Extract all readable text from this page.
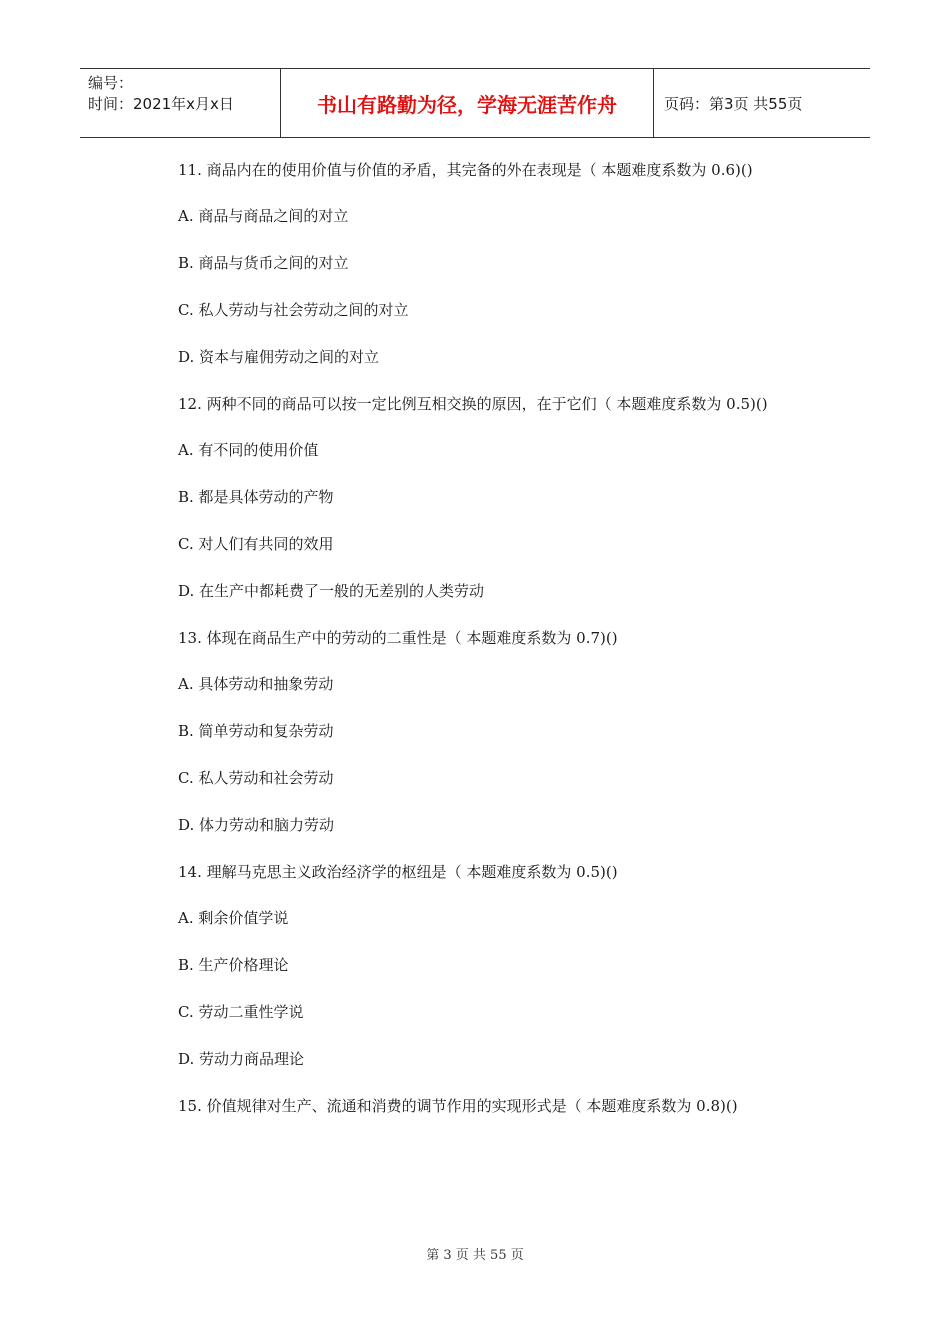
编号：
时间：2021年x月x日	书山有路勤为径，学海无涯苦作舟	页码：第3页 共55页
11. 商品内在的使用价值与价值的矛盾，其完备的外在表现是（ 本题难度系数为 0.6)()
A. 商品与商品之间的对立
B. 商品与货币之间的对立
C. 私人劳动与社会劳动之间的对立
D. 资本与雇佣劳动之间的对立
12. 两种不同的商品可以按一定比例互相交换的原因，在于它们（ 本题难度系数为 0.5)()
A. 有不同的使用价值
B. 都是具体劳动的产物
C. 对人们有共同的效用
D. 在生产中都耗费了一般的无差别的人类劳动
13. 体现在商品生产中的劳动的二重性是（ 本题难度系数为 0.7)()
A. 具体劳动和抽象劳动
B. 简单劳动和复杂劳动
C. 私人劳动和社会劳动
D. 体力劳动和脑力劳动
14. 理解马克思主义政治经济学的枢纽是（ 本题难度系数为 0.5)()
A. 剩余价值学说
B. 生产价格理论
C. 劳动二重性学说
D. 劳动力商品理论
15. 价值规律对生产、流通和消费的调节作用的实现形式是（ 本题难度系数为 0.8)()
第 3 页 共 55 页
